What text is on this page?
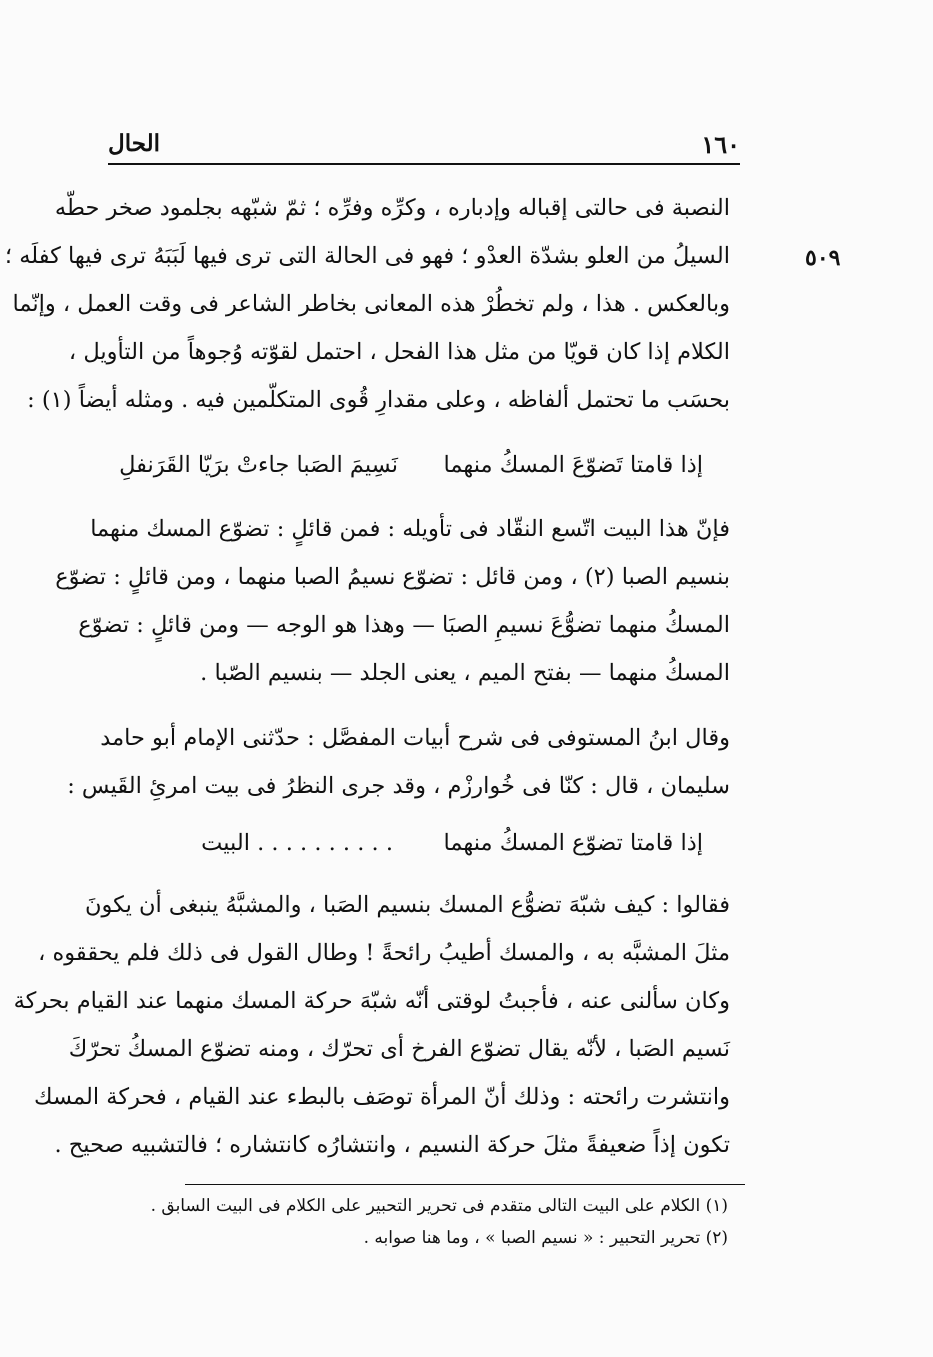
١٦٠
الحال
٥٠٩
النصبة فى حالتى إقباله وإدباره ، وكرِّه وفرِّه ؛ ثمّ شبّهه بجلمود صخر حطّه
السيلُ من العلو بشدّة العدْو ؛ فهو فى الحالة التى ترى فيها لَبَبَهُ ترى فيها كفلَه ؛
وبالعكس . هذا ، ولم تخطُرْ هذه المعانى بخاطر الشاعر فى وقت العمل ، وإنّما
الكلام إذا كان قويّا من مثل هذا الفحل ، احتمل لقوّته وُجوهاً من التأويل ،
بحسَب ما تحتمل ألفاظه ، وعلى مقدارِ قُوى المتكلّمين فيه . ومثله أيضاً (١) :
إذا قامتا تَضوّعَ المسكُ منهما
نَسِيمَ الصَبا جاءتْ برَيّا القَرَنفلِ
فإنّ هذا البيت اتّسع النقّاد فى تأويله : فمن قائلٍ : تضوّع المسك منهما
بنسيم الصبا (٢) ، ومن قائل : تضوّع نسيمُ الصبا منهما ، ومن قائلٍ : تضوّع
المسكُ منهما تضوُّعَ نسيمِ الصبَا — وهذا هو الوجه — ومن قائلٍ : تضوّع
المسكُ منهما — بفتح الميم ، يعنى الجلد — بنسيم الصّبا .
وقال ابنُ المستوفى فى شرح أبيات المفصَّل : حدّثنى الإمام أبو حامد
سليمان ، قال : كنّا فى خُوارزْم ، وقد جرى النظرُ فى بيت امرئِ القَيس :
إذا قامتا تضوّع المسكُ منهما
. . . . . . . . . . البيت
فقالوا : كيف شبّهَ تضوُّع المسك بنسيم الصَبا ، والمشبَّهُ ينبغى أن يكونَ
مثلَ المشبَّه به ، والمسك أطيبُ رائحةً ! وطال القول فى ذلك فلم يحققوه ،
وكان سألنى عنه ، فأجبتُ لوقتى أنّه شبّهَ حركة المسك منهما عند القيام بحركة
نَسيم الصَبا ، لأنّه يقال تضوّع الفرخ أى تحرّك ، ومنه تضوّع المسكُ تحرّكَ
وانتشرت رائحته : وذلك أنّ المرأة توصَف بالبطء عند القيام ، فحركة المسك
تكون إذاً ضعيفةً مثلَ حركة النسيم ، وانتشارُه كانتشاره ؛ فالتشبيه صحيح .
(١) الكلام على البيت التالى متقدم فى تحرير التحبير على الكلام فى البيت السابق .
(٢) تحرير التحبير : « نسيم الصبا » ، وما هنا صوابه .
